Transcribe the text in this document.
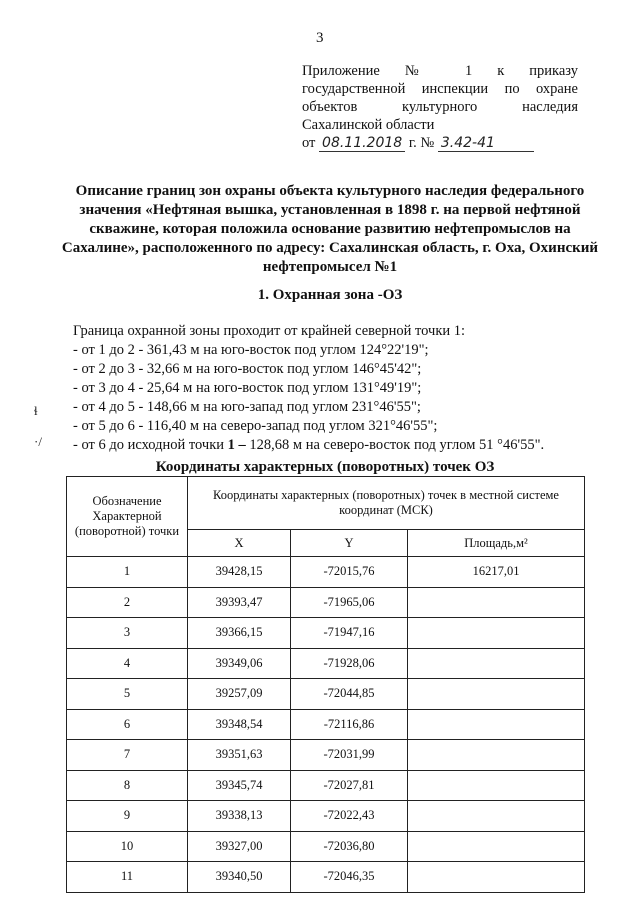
3
Приложение № 1 к приказу
государственной инспекции по охране
объектов культурного наследия
Сахалинской области
от 08.11.2018 г. № 3.42-41
Описание границ зон охраны объекта культурного наследия федерального значения «Нефтяная вышка, установленная в 1898 г. на первой нефтяной скважине, которая положила основание развитию нефтепромыслов на Сахалине», расположенного по адресу: Сахалинская область, г. Оха, Охинский нефтепромысел №1
1. Охранная зона -ОЗ
Граница охранной зоны проходит от крайней северной точки 1:
- от 1 до 2 - 361,43 м на юго-восток под углом 124°22'19";
- от 2 до 3 - 32,66 м на юго-восток под углом 146°45'42";
- от 3 до 4 - 25,64 м на юго-восток под углом 131°49'19";
- от 4 до 5 - 148,66 м на юго-запад под углом 231°46'55";
- от 5 до 6 - 116,40 м на северо-запад под углом 321°46'55";
- от 6 до исходной точки 1 – 128,68 м на северо-восток под углом 51 °46'55".
ɬ
·/
Координаты характерных (поворотных) точек ОЗ
Обозначение Характерной (поворотной) точки	Координаты характерных (поворотных) точек в местной системе координат (МСК)		
	X	Y	Площадь,м²
1	39428,15	-72015,76	16217,01
2	39393,47	-71965,06	
3	39366,15	-71947,16	
4	39349,06	-71928,06	
5	39257,09	-72044,85	
6	39348,54	-72116,86	
7	39351,63	-72031,99	
8	39345,74	-72027,81	
9	39338,13	-72022,43	
10	39327,00	-72036,80	
11	39340,50	-72046,35	
